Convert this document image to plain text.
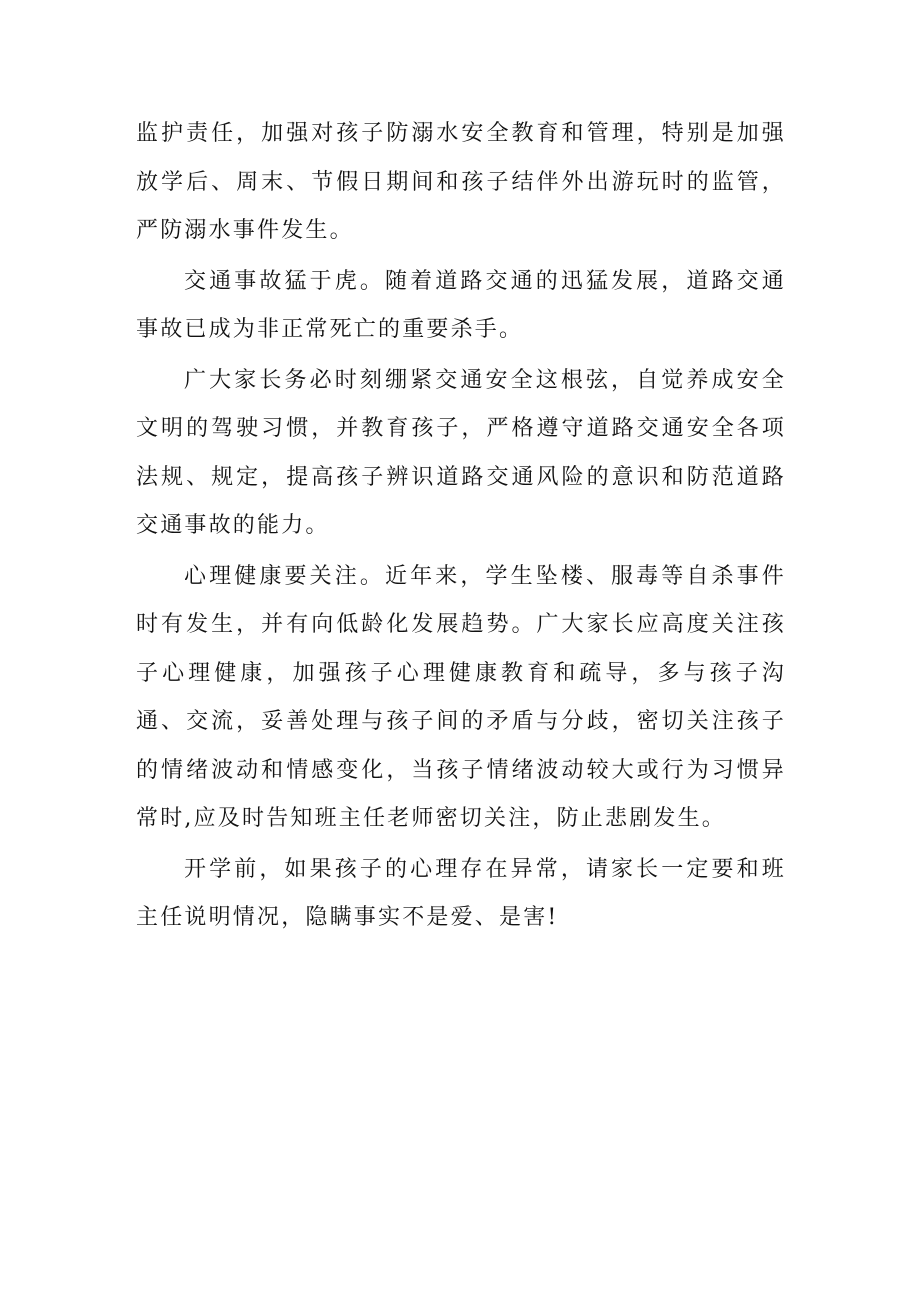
监护责任，加强对孩子防溺水安全教育和管理，特别是加强放学后、周末、节假日期间和孩子结伴外出游玩时的监管，严防溺水事件发生。

交通事故猛于虎。随着道路交通的迅猛发展，道路交通事故已成为非正常死亡的重要杀手。

广大家长务必时刻绷紧交通安全这根弦，自觉养成安全文明的驾驶习惯，并教育孩子，严格遵守道路交通安全各项法规、规定，提高孩子辨识道路交通风险的意识和防范道路交通事故的能力。

心理健康要关注。近年来，学生坠楼、服毒等自杀事件时有发生，并有向低龄化发展趋势。广大家长应高度关注孩子心理健康，加强孩子心理健康教育和疏导，多与孩子沟通、交流，妥善处理与孩子间的矛盾与分歧，密切关注孩子的情绪波动和情感变化，当孩子情绪波动较大或行为习惯异常时,应及时告知班主任老师密切关注，防止悲剧发生。

开学前，如果孩子的心理存在异常，请家长一定要和班主任说明情况，隐瞒事实不是爱、是害!
